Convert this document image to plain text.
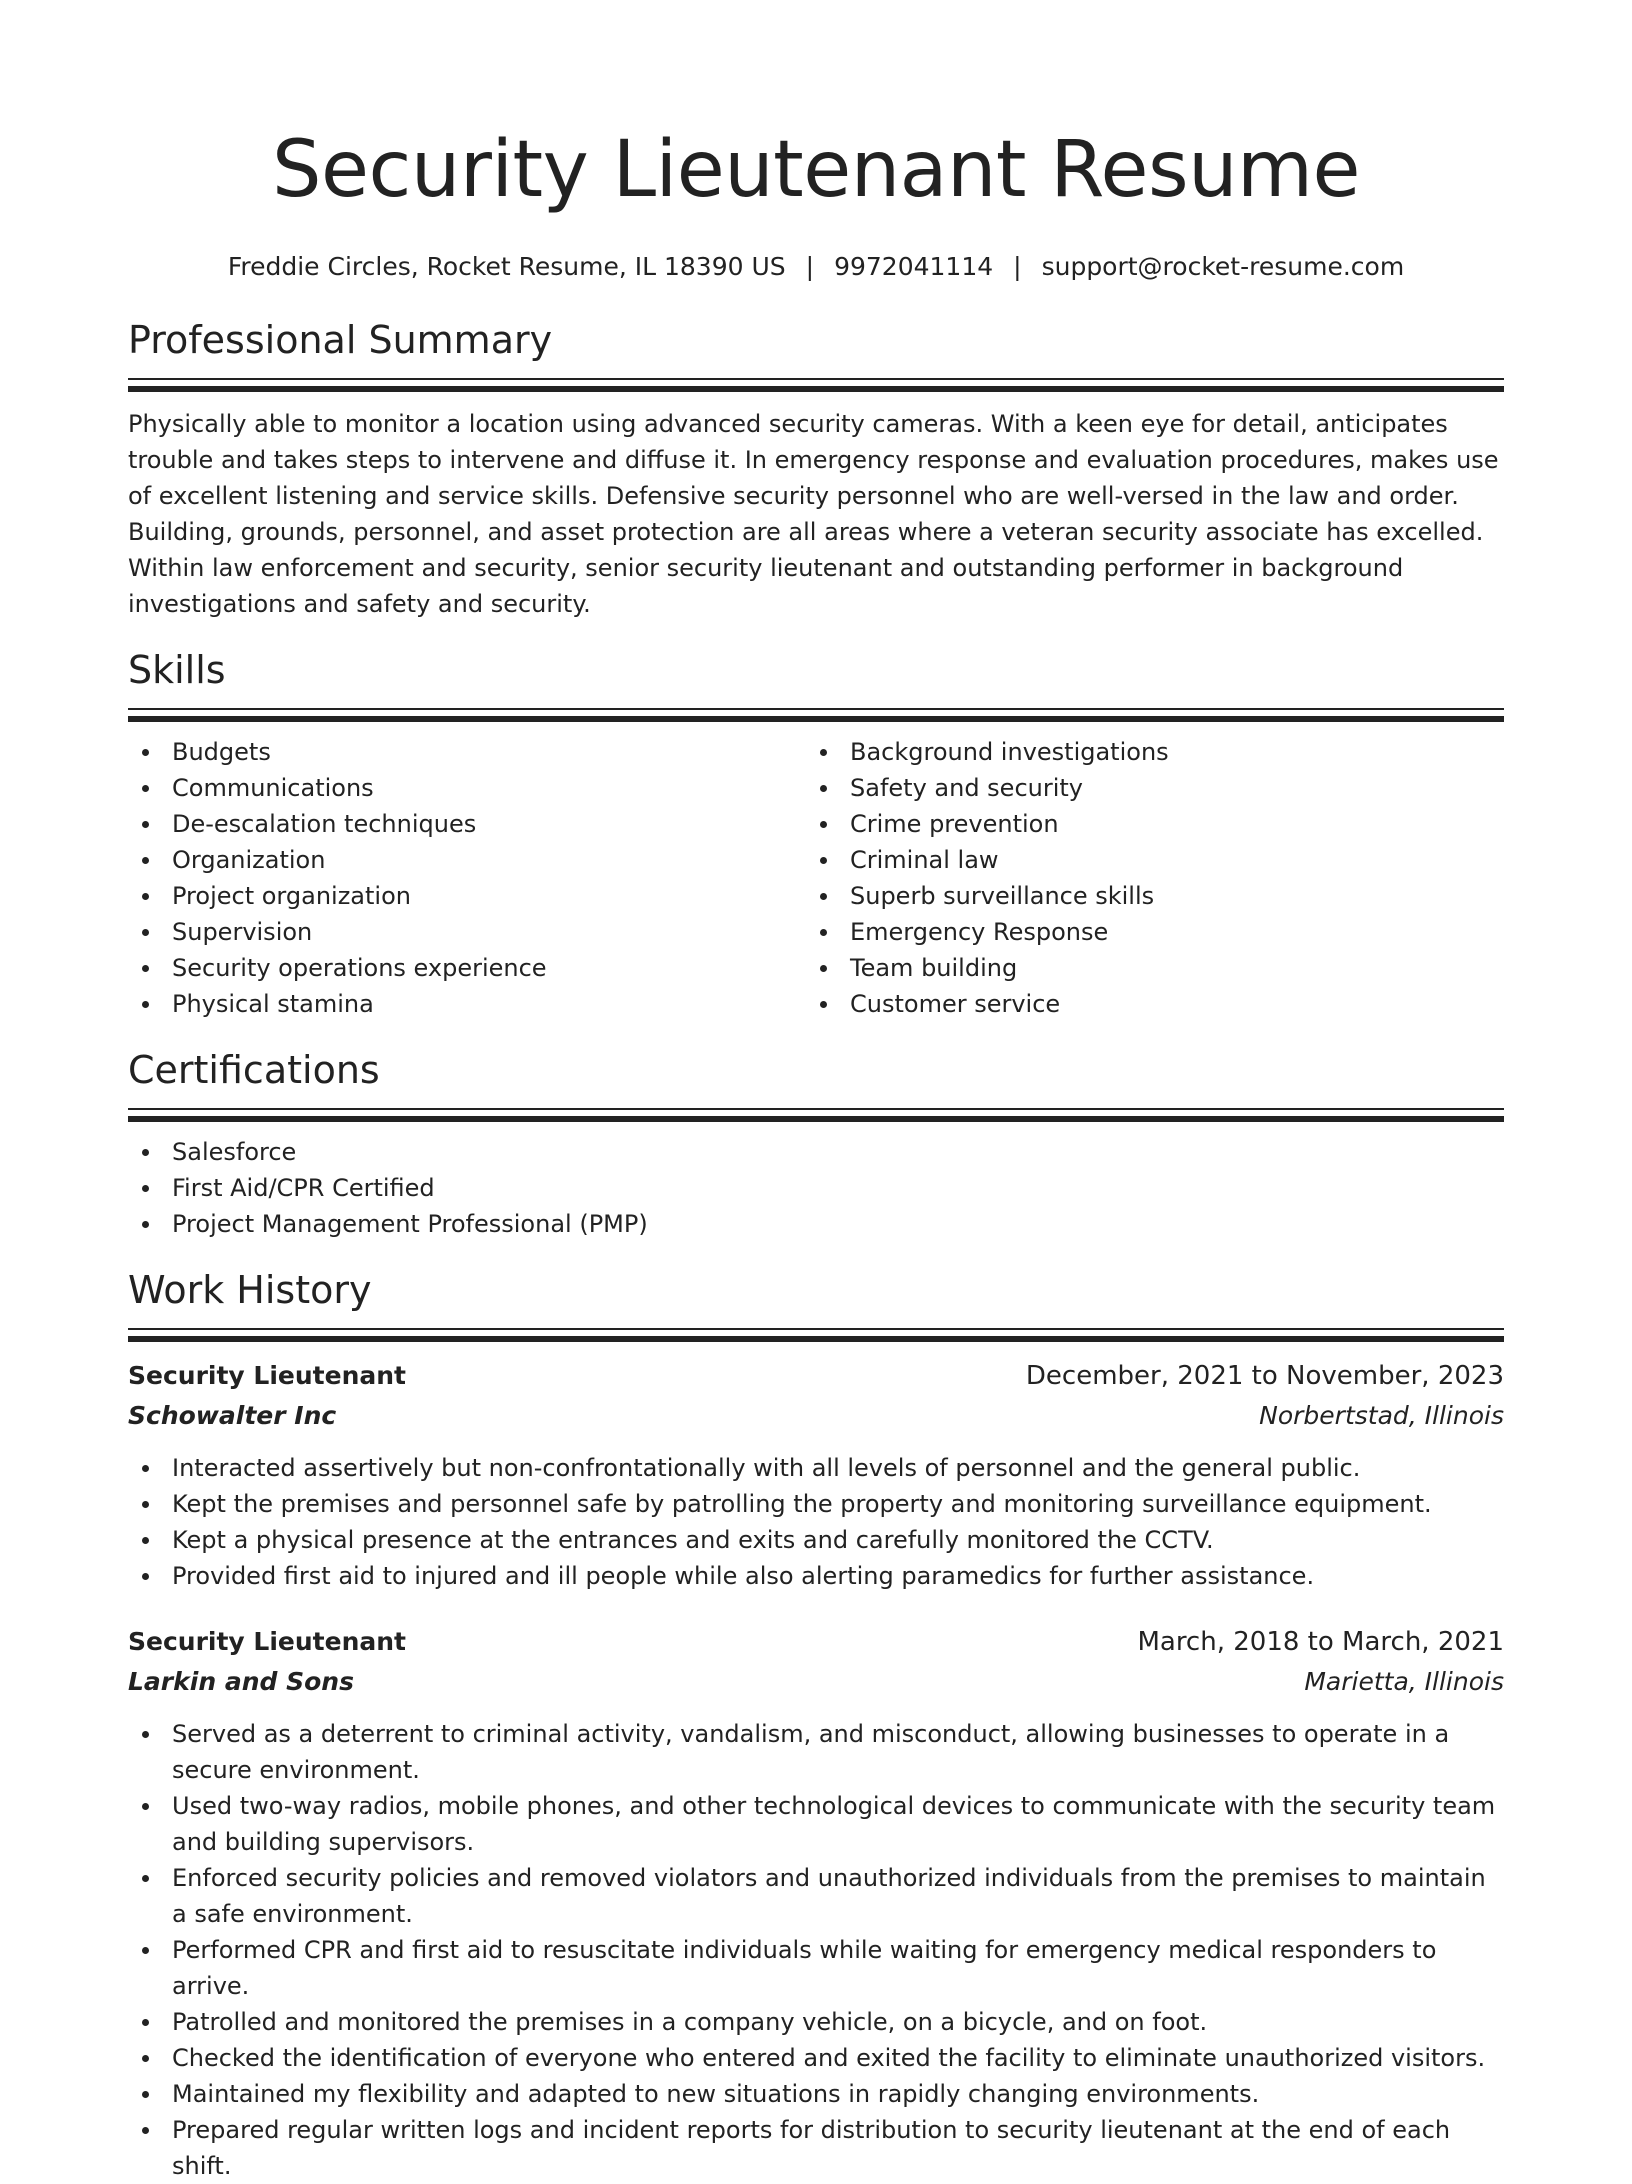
Security Lieutenant Resume
Freddie Circles, Rocket Resume, IL 18390 US | 9972041114 | support@rocket-resume.com
Professional Summary

Physically able to monitor a location using advanced security cameras. With a keen eye for detail, anticipates trouble and takes steps to intervene and diffuse it. In emergency response and evaluation procedures, makes use of excellent listening and service skills. Defensive security personnel who are well-versed in the law and order. Building, grounds, personnel, and asset protection are all areas where a veteran security associate has excelled. Within law enforcement and security, senior security lieutenant and outstanding performer in background investigations and safety and security.

Skills
Budgets
Communications
De-escalation techniques
Organization
Project organization
Supervision
Security operations experience
Physical stamina
Background investigations
Safety and security
Crime prevention
Criminal law
Superb surveillance skills
Emergency Response
Team building
Customer service
Certifications
Salesforce
First Aid/CPR Certified
Project Management Professional (PMP)
Work History
Security Lieutenant	December, 2021 to November, 2023
Schowalter Inc	Norbertstad, Illinois
Interacted assertively but non-confrontationally with all levels of personnel and the general public.
Kept the premises and personnel safe by patrolling the property and monitoring surveillance equipment.
Kept a physical presence at the entrances and exits and carefully monitored the CCTV.
Provided first aid to injured and ill people while also alerting paramedics for further assistance.
Security Lieutenant	March, 2018 to March, 2021
Larkin and Sons	Marietta, Illinois
Served as a deterrent to criminal activity, vandalism, and misconduct, allowing businesses to operate in a secure environment.
Used two-way radios, mobile phones, and other technological devices to communicate with the security team and building supervisors.
Enforced security policies and removed violators and unauthorized individuals from the premises to maintain a safe environment.
Performed CPR and first aid to resuscitate individuals while waiting for emergency medical responders to arrive.
Patrolled and monitored the premises in a company vehicle, on a bicycle, and on foot.
Checked the identification of everyone who entered and exited the facility to eliminate unauthorized visitors.
Maintained my flexibility and adapted to new situations in rapidly changing environments.
Prepared regular written logs and incident reports for distribution to security lieutenant at the end of each shift.
